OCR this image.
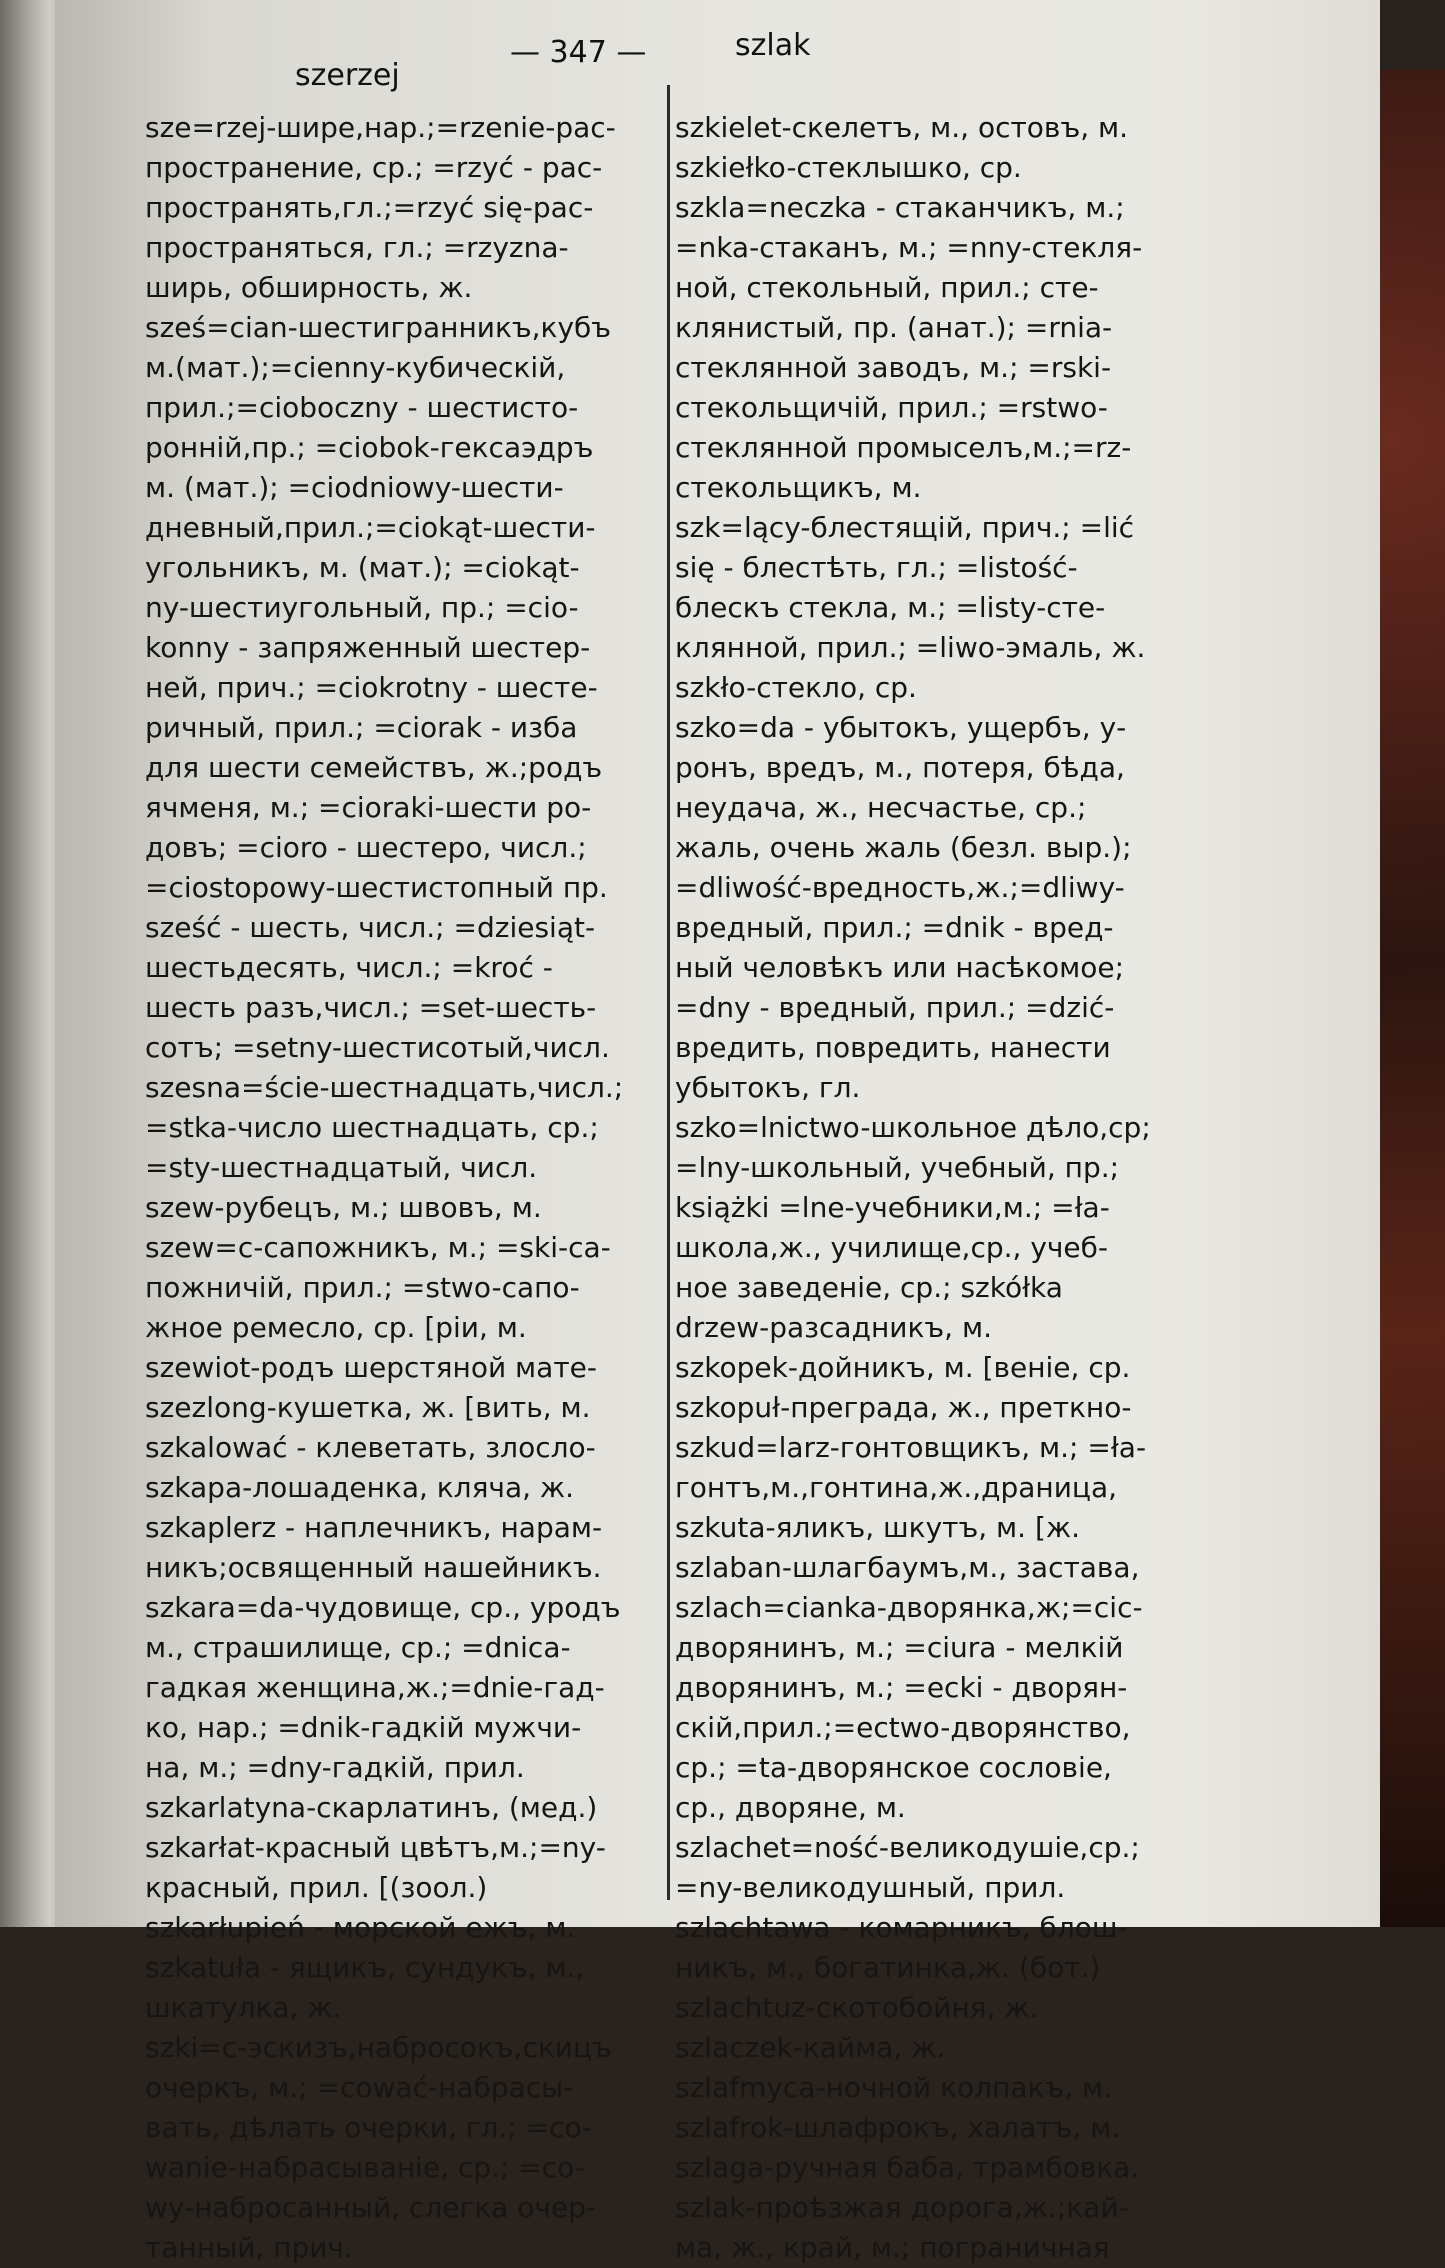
szerzej
— 347 —	szlak
sze=rzej-шире,нар.;=rzenie-рас-
пространение, ср.; =rzyć - рас-
пространять,гл.;=rzyć się-рас-
пространяться, гл.; =rzyzna-
ширь, обширность, ж.
sześ=cian-шестигранникъ,кубъ
м.(мат.);=cienny-кубическій,
прил.;=cioboczny - шестисто-
ронній,пр.; =ciobok-гексаэдръ
м. (мат.); =ciodniowy-шести-
дневный,прил.;=ciokąt-шести-
угольникъ, м. (мат.); =ciokąt-
ny-шестиугольный, пр.; =cio-
konny - запряженный шестер-
ней, прич.; =ciokrotny - шесте-
ричный, прил.; =ciorak - изба
для шести семействъ, ж.;родъ
ячменя, м.; =cioraki-шести ро-
довъ; =cioro - шестеро, числ.;
=ciostopowy-шестистопный пр.
sześć - шесть, числ.; =dziesiąt-
шестьдесять, числ.; =kroć -
шесть разъ,числ.; =set-шесть-
сотъ; =setny-шестисотый,числ.
szesna=ście-шестнадцать,числ.;
=stka-число шестнадцать, ср.;
=sty-шестнадцатый, числ.
szew-рубецъ, м.; швовъ, м.
szew=c-сапожникъ, м.; =ski-са-
пожничій, прил.; =stwo-сапо-
жное ремесло, ср. [ріи, м.
szewiot-родъ шерстяной мате-
szezlong-кушетка, ж. [вить, м.
szkalować - клеветать, злосло-
szkapa-лошаденка, кляча, ж.
szkaplerz - наплечникъ, нарам-
никъ;освященный нашейникъ.
szkara=da-чудовище, ср., уродъ
м., страшилище, ср.; =dnica-
гадкая женщина,ж.;=dnie-гад-
ко, нар.; =dnik-гадкій мужчи-
на, м.; =dny-гадкій, прил.
szkarlatyna-скарлатинъ, (мед.)
szkarłat-красный цвѣтъ,м.;=ny-
красный, прил. [(зоол.)
szkarłupień - морской ежъ, м.
szkatuła - ящикъ, сундукъ, м.,
шкатулка, ж.
szki=c-эскизъ,набросокъ,скицъ
очеркъ, м.; =cować-набрасы-
вать, дѣлать очерки, гл.; =co-
wanie-набрасываніе, ср.; =co-
wy-набросанный, слегка очер-
танный, прич.
szkielet-скелетъ, м., остовъ, м.
szkiełko-стеклышко, ср.
szkla=neczka - стаканчикъ, м.;
=nka-стаканъ, м.; =nny-стекля-
ной, стекольный, прил.; сте-
клянистый, пр. (анат.); =rnia-
стеклянной заводъ, м.; =rski-
стекольщичій, прил.; =rstwo-
стеклянной промыселъ,м.;=rz-
стекольщикъ, м.
szk=lący-блестящій, прич.; =lić
się - блестѣть, гл.; =listość-
блескъ стекла, м.; =listy-сте-
клянной, прил.; =liwo-эмаль, ж.
szkło-стекло, ср.
szko=da - убытокъ, ущербъ, у-
ронъ, вредъ, м., потеря, бѣда,
неудача, ж., несчастье, ср.;
жаль, очень жаль (безл. выр.);
=dliwość-вредность,ж.;=dliwy-
вредный, прил.; =dnik - вред-
ный человѣкъ или насѣкомое;
=dny - вредный, прил.; =dzić-
вредить, повредить, нанести
убытокъ, гл.
szko=lnictwo-школьное дѣло,ср;
=lny-школьный, учебный, пр.;
książki =lne-учебники,м.; =ła-
школа,ж., училище,ср., учеб-
ное заведеніе, ср.; szkółka
drzew-разсадникъ, м.
szkopek-дойникъ, м. [веніе, ср.
szkopuł-преграда, ж., преткно-
szkud=larz-гонтовщикъ, м.; =ła-
гонтъ,м.,гонтина,ж.,драница,
szkuta-яликъ, шкутъ, м. [ж.
szlaban-шлагбаумъ,м., застава,
szlach=cianka-дворянка,ж;=cic-
дворянинъ, м.; =ciura - мелкій
дворянинъ, м.; =ecki - дворян-
скій,прил.;=ectwo-дворянство,
ср.; =ta-дворянское сословіе,
ср., дворяне, м.
szlachet=ność-великодушіе,ср.;
=ny-великодушный, прил.
szlachtawa - комарникъ, блош-
никъ, м., богатинка,ж. (бот.)
szlachtuz-скотобойня, ж.
szlaczek-кайма, ж.
szlafmyca-ночной колпакъ, м.
szlafrok-шлафрокъ, халатъ, м.
szlaga-ручная баба, трамбовка.
szlak-проѣзжая дорога,ж.;кай-
ма, ж., край, м.; пограничная
